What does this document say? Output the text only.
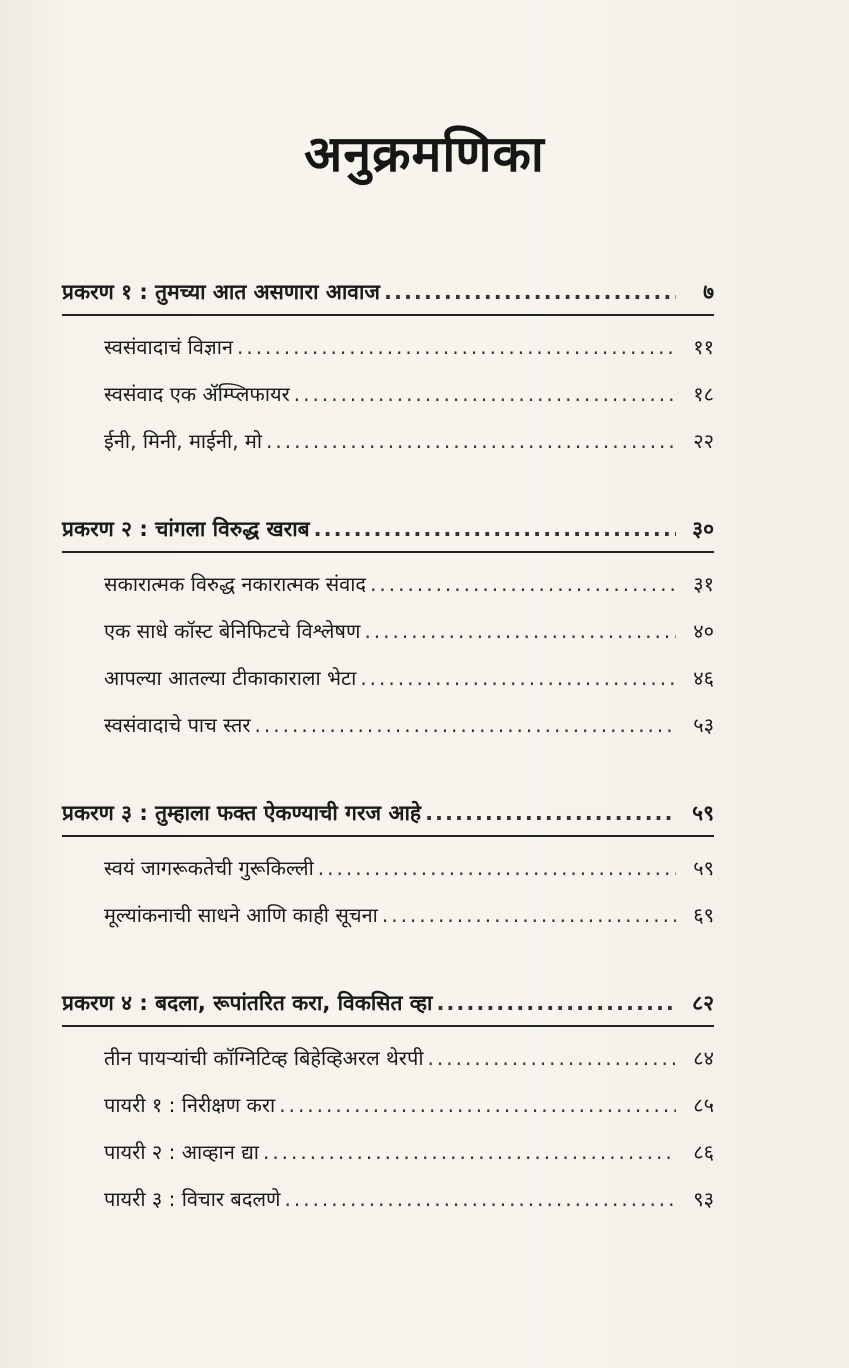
अनुक्रमणिका
प्रकरण १ : तुमच्या आत असणारा आवाज .....	७
स्वसंवादाचं विज्ञान .....	११
स्वसंवाद एक ॲम्प्लिफायर .....	१८
ईनी, मिनी, माईनी, मो .....	२२
प्रकरण २ : चांगला विरुद्ध खराब .....	३०
सकारात्मक विरुद्ध नकारात्मक संवाद .....	३१
एक साधे कॉस्ट बेनिफिटचे विश्लेषण .....	४०
आपल्या आतल्या टीकाकाराला भेटा .....	४६
स्वसंवादाचे पाच स्तर .....	५३
प्रकरण ३ : तुम्हाला फक्त ऐकण्याची गरज आहे .....	५९
स्वयं जागरूकतेची गुरूकिल्ली .....	५९
मूल्यांकनाची साधने आणि काही सूचना .....	६९
प्रकरण ४ : बदला, रूपांतरित करा, विकसित व्हा .....	८२
तीन पायऱ्यांची कॉग्निटिव्ह बिहेव्हिअरल थेरपी .....	८४
पायरी १ : निरीक्षण करा .....	८५
पायरी २ : आव्हान द्या .....	८६
पायरी ३ : विचार बदलणे .....	९३
